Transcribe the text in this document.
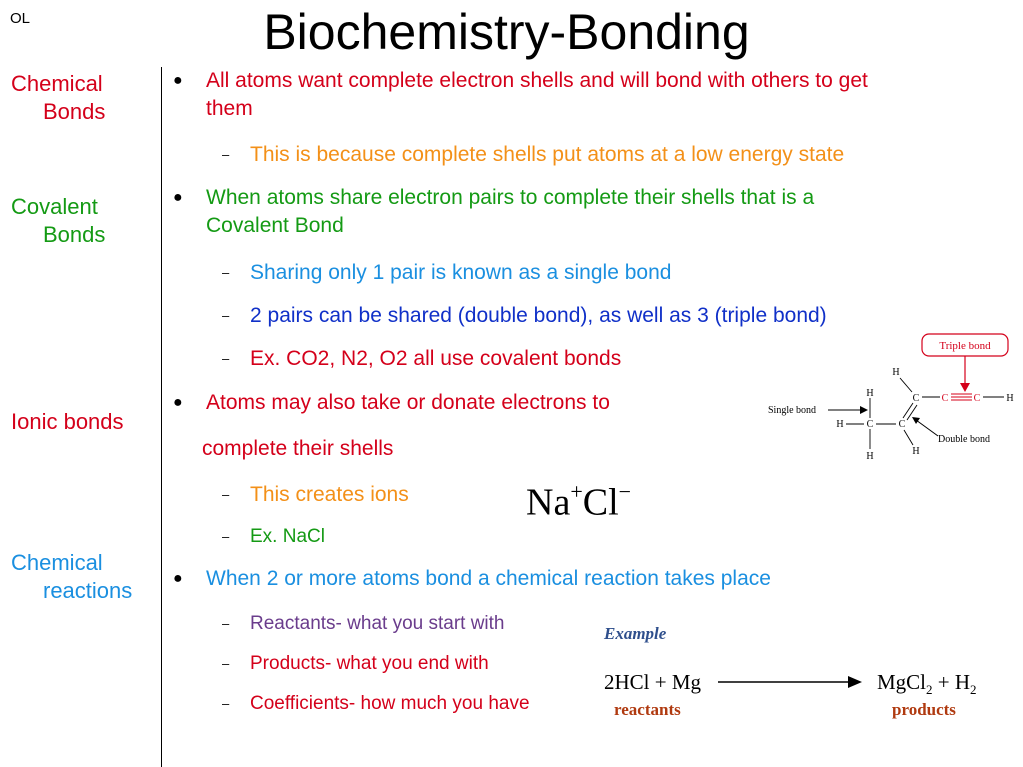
OL	Biochemistry-Bonding
Chemical
Bonds
Covalent
Bonds
Ionic bonds
Chemical
reactions
● All atoms want complete electron shells and will bond with others to get
them
– This is because complete shells put atoms at a low energy state
● When atoms share electron pairs to complete their shells that is a
Covalent Bond
– Sharing only 1 pair is known as a single bond
– 2 pairs can be shared (double bond), as well as 3 (triple bond)
– Ex. CO2, N2, O2 all use covalent bonds
● Atoms may also take or donate electrons to
complete their shells
– This creates ions
– Ex. NaCl
● When 2 or more atoms bond a chemical reaction takes place
– Reactants- what you start with
– Products- what you end with
– Coefficients- how much you have
Triple bond
Single bond
Double bond
H
H
H C	C
H	H
C C	C	H
Na+Cl−
Example
2HCl + Mg	MgCl$_2$ + $H_2$
reactants	products
